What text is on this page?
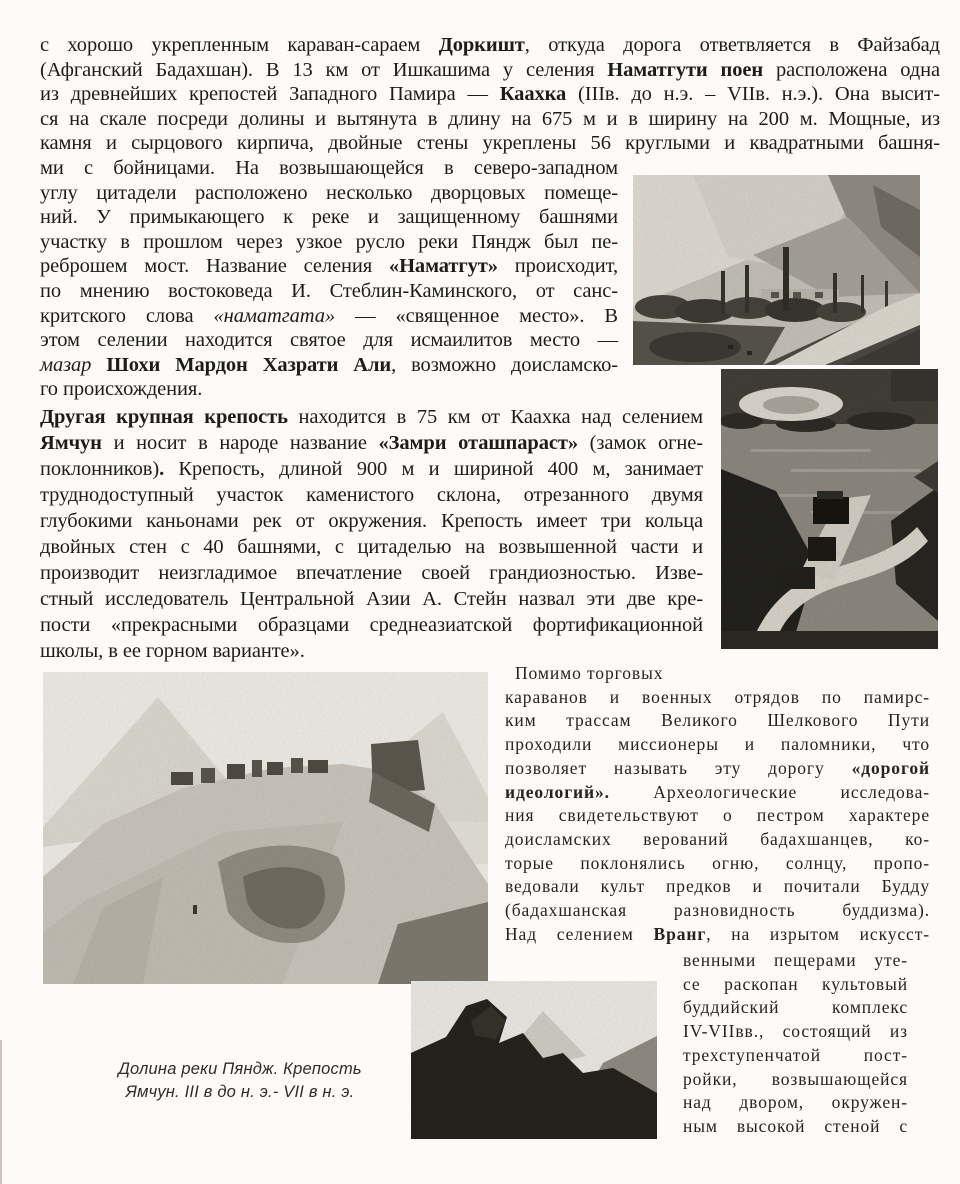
с хорошо укрепленным караван-сараем Доркишт, откуда дорога ответвляется в Файзабад
(Афганский Бадахшан). В 13 км от Ишкашима у селения Наматгути поен расположена одна
из древнейших крепостей Западного Памира — Каахка (IIIв. до н.э. – VIIв. н.э.). Она высит-
ся на скале посреди долины и вытянута в длину на 675 м и в ширину на 200 м. Мощные, из
камня и сырцового кирпича, двойные стены укреплены 56 круглыми и квадратными башня-
ми с бойницами. На возвышающейся в северо-западном
углу цитадели расположено несколько дворцовых помеще-
ний. У примыкающего к реке и защищенному башнями
участку в прошлом через узкое русло реки Пяндж был пе-
реброшем мост. Название селения «Наматгут» происходит,
по мнению востоковеда И. Стеблин-Каминского, от санс-
критского слова «наматгата» — «священное место». В
этом селении находится святое для исмаилитов место —
мазар Шохи Мардон Хазрати Али, возможно доисламско-
го происхождения.
Другая крупная крепость находится в 75 км от Каахка над селением
Ямчун и носит в народе название «Замри оташпараст» (замок огне-
поклонников). Крепость, длиной 900 м и шириной 400 м, занимает
труднодоступный участок каменистого склона, отрезанного двумя
глубокими каньонами рек от окружения. Крепость имеет три кольца
двойных стен с 40 башнями, с цитаделью на возвышенной части и
производит неизгладимое впечатление своей грандиозностью. Изве-
стный исследователь Центральной Азии А. Стейн назвал эти две кре-
пости «прекрасными образцами среднеазиатской фортификационной
школы, в ее горном варианте».
Помимо торговых
караванов и военных отрядов по памирс-
ким трассам Великого Шелкового Пути
проходили миссионеры и паломники, что
позволяет называть эту дорогу «дорогой
идеологий». Археологические исследова-
ния свидетельствуют о пестром характере
доисламских верований бадахшанцев, ко-
торые поклонялись огню, солнцу, пропо-
ведовали культ предков и почитали Будду
(бадахшанская разновидность буддизма).
Над селением Вранг, на изрытом искусст-
венными пещерами уте-
се раскопан культовый
буддийский комплекс
IV-VIIвв., состоящий из
трехступенчатой пост-
ройки, возвышающейся
над двором, окружен-
ным высокой стеной с
Долина реки Пяндж. Крепость
Ямчун. III в до н. э.- VII в н. э.
